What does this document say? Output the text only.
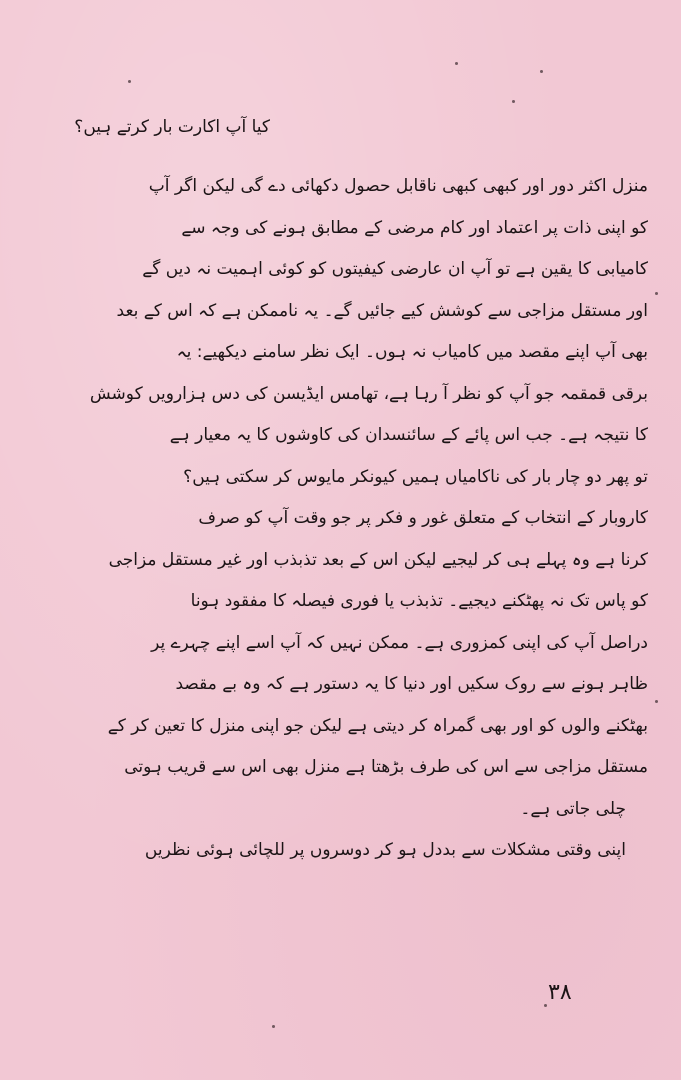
کیا آپ اکارت بار کرتے ہیں؟
منزل اکثر دور اور کبھی کبھی ناقابل حصول دکھائی دے گی لیکن اگر آپ
کو اپنی ذات پر اعتماد اور کام مرضی کے مطابق ہونے کی وجہ سے
کامیابی کا یقین ہے تو آپ ان عارضی کیفیتوں کو کوئی اہمیت نہ دیں گے
اور مستقل مزاجی سے کوشش کیے جائیں گے۔ یہ ناممکن ہے کہ اس کے بعد
بھی آپ اپنے مقصد میں کامیاب نہ ہوں۔ ایک نظر سامنے دیکھیے: یہ
برقی قمقمہ جو آپ کو نظر آ رہا ہے، تھامس ایڈیسن کی دس ہزارویں کوشش
کا نتیجہ ہے۔ جب اس پائے کے سائنسدان کی کاوشوں کا یہ معیار ہے
تو پھر دو چار بار کی ناکامیاں ہمیں کیونکر مایوس کر سکتی ہیں؟
کاروبار کے انتخاب کے متعلق غور و فکر پر جو وقت آپ کو صرف
کرنا ہے وہ پہلے ہی کر لیجیے لیکن اس کے بعد تذبذب اور غیر مستقل مزاجی
کو پاس تک نہ پھٹکنے دیجیے۔ تذبذب یا فوری فیصلہ کا مفقود ہونا
دراصل آپ کی اپنی کمزوری ہے۔ ممکن نہیں کہ آپ اسے اپنے چہرے پر
ظاہر ہونے سے روک سکیں اور دنیا کا یہ دستور ہے کہ وہ بے مقصد
بھٹکنے والوں کو اور بھی گمراہ کر دیتی ہے لیکن جو اپنی منزل کا تعین کر کے
مستقل مزاجی سے اس کی طرف بڑھتا ہے منزل بھی اس سے قریب ہوتی
چلی جاتی ہے۔
اپنی وقتی مشکلات سے بددل ہو کر دوسروں پر للچائی ہوئی نظریں
۳۸
